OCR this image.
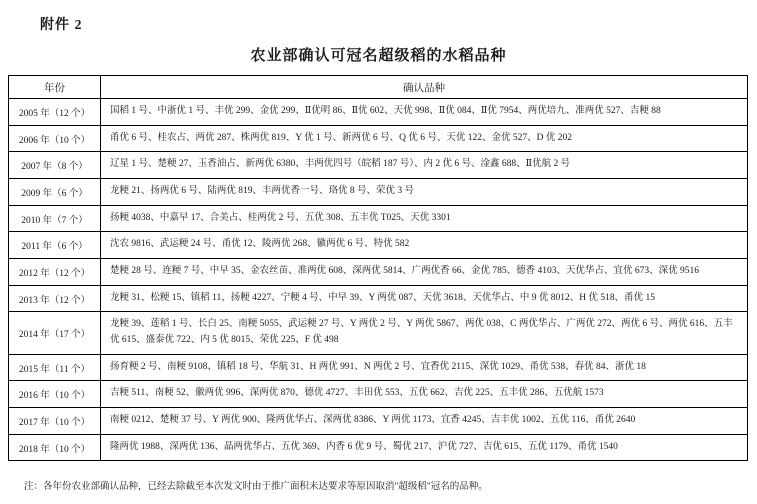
附件 2
农业部确认可冠名超级稻的水稻品种
年份	确认品种
2005 年（12 个）	国稻 1 号、中浙优 1 号、丰优 299、金优 299、Ⅱ优明 86、Ⅱ优 602、天优 998、Ⅱ优 084、Ⅱ优 7954、两优培九、准两优 527、吉粳 88
2006 年（10 个）	甬优 6 号、桂农占、两优 287、株两优 819、Y 优 1 号、新两优 6 号、Q 优 6 号、天优 122、金优 527、D 优 202
2007 年（8 个）	辽星 1 号、楚粳 27、玉香油占、新两优 6380、丰两优四号（皖稻 187 号）、内 2 优 6 号、淦鑫 688、Ⅱ优航 2 号
2009 年（6 个）	龙粳 21、扬两优 6 号、陆两优 819、丰两优香一号、珞优 8 号、荣优 3 号
2010 年（7 个）	扬粳 4038、中嘉早 17、合美占、桂两优 2 号、五优 308、五丰优 T025、天优 3301
2011 年（6 个）	沈农 9816、武运粳 24 号、甬优 12、陵两优 268、徽两优 6 号、特优 582
2012 年（12 个）	楚粳 28 号、连粳 7 号、中早 35、金农丝苗、准两优 608、深两优 5814、广两优香 66、金优 785、德香 4103、天优华占、宜优 673、深优 9516
2013 年（12 个）	龙粳 31、松粳 15、镇稻 11、扬粳 4227、宁粳 4 号、中早 39、Y 两优 087、天优 3618、天优华占、中 9 优 8012、H 优 518、甬优 15
2014 年（17 个）	龙粳 39、莲稻 1 号、长白 25、南粳 5055、武运粳 27 号、Y 两优 2 号、Y 两优 5867、两优 038、C 两优华占、广两优 272、两优 6 号、两优 616、五丰优 615、盛泰优 722、内 5 优 8015、荣优 225、F 优 498
2015 年（11 个）	扬育粳 2 号、南粳 9108、镇稻 18 号、华航 31、H 两优 991、N 两优 2 号、宜香优 2115、深优 1029、甬优 538、春优 84、浙优 18
2016 年（10 个）	吉粳 511、南粳 52、徽两优 996、深两优 870、德优 4727、丰田优 553、五优 662、吉优 225、五丰优 286、五优航 1573
2017 年（10 个）	南粳 0212、楚粳 37 号、Y 两优 900、隆两优华占、深两优 8386、Y 两优 1173、宜香 4245、吉丰优 1002、五优 116、甬优 2640
2018 年（10 个）	隆两优 1988、深两优 136、晶两优华占、五优 369、内香 6 优 9 号、蜀优 217、沪优 727、吉优 615、五优 1179、甬优 1540
注：各年份农业部确认品种，已经去除截至本次发文时由于推广面积未达要求等原因取消"超级稻"冠名的品种。
